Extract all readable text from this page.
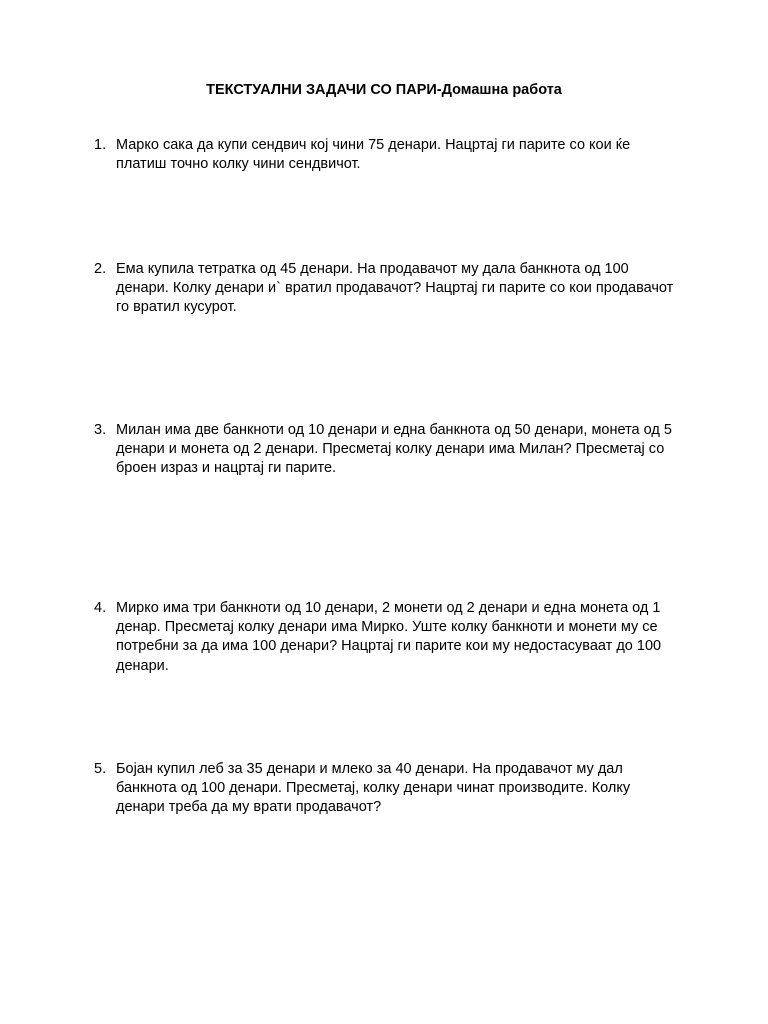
ТЕКСТУАЛНИ ЗАДАЧИ СО ПАРИ-Домашна работа
1. Марко сака да купи сендвич кој чини 75 денари. Нацртај ги парите со кои ќе
платиш точно колку чини сендвичот.
2. Ема купила тетратка од 45 денари. На продавачот му дала банкнота од 100
денари. Колку денари и` вратил продавачот? Нацртај ги парите со кои продавачот
го вратил кусурот.
3. Милан има две банкноти од 10 денари и една банкнота од 50 денари, монета од 5
денари и монета од 2 денари. Пресметај колку денари има Милан? Пресметај со
броен израз и нацртај ги парите.
4. Мирко има три банкноти од 10 денари, 2 монети од 2 денари и една монета од 1
денар. Пресметај колку денари има Мирко. Уште колку банкноти и монети му се
потребни за да има 100 денари? Нацртај ги парите кои му недостасуваат до 100
денари.
5. Бојан купил леб за 35 денари и млеко за 40 денари. На продавачот му дал
банкнота од 100 денари. Пресметај, колку денари чинат производите. Колку
денари треба да му врати продавачот?
